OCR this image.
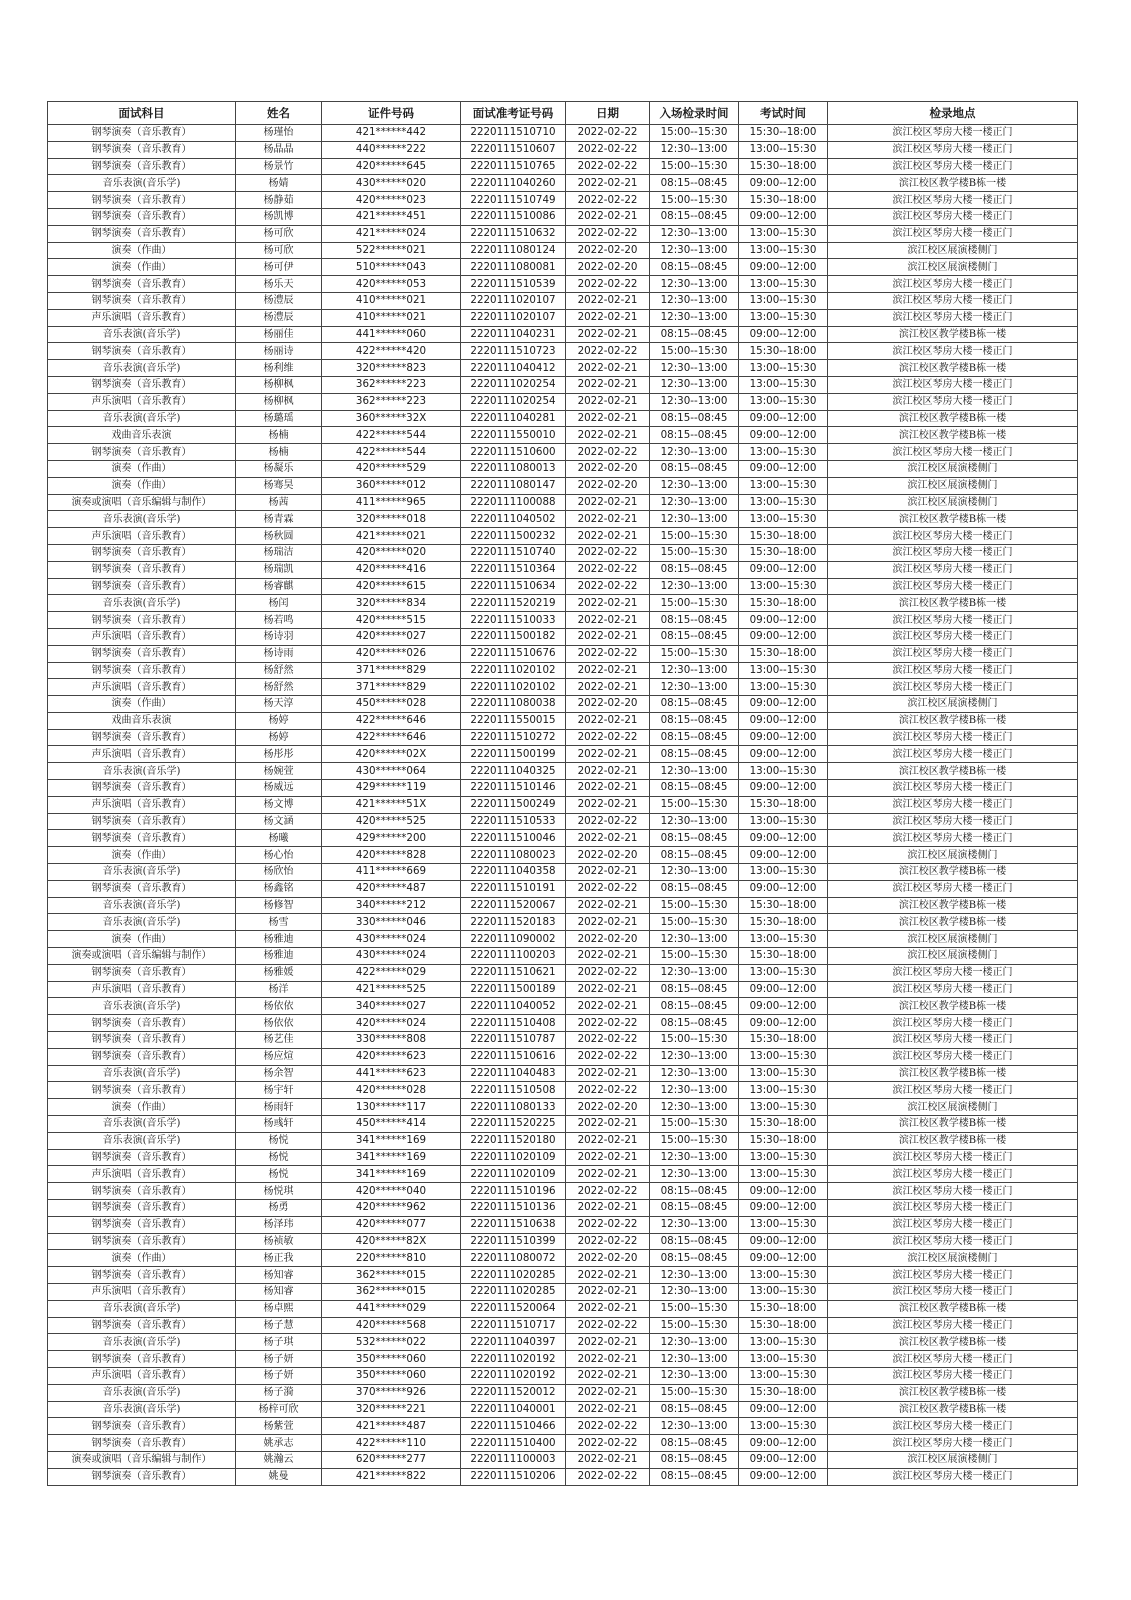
面试科目	姓名	证件号码	面试准考证号码	日期	入场检录时间	考试时间	检录地点
钢琴演奏（音乐教育）	杨瑾怡	421******442	2220111510710	2022-02-22	15:00--15:30	15:30--18:00	滨江校区琴房大楼一楼正门
钢琴演奏（音乐教育）	杨晶晶	440******222	2220111510607	2022-02-22	12:30--13:00	13:00--15:30	滨江校区琴房大楼一楼正门
钢琴演奏（音乐教育）	杨景竹	420******645	2220111510765	2022-02-22	15:00--15:30	15:30--18:00	滨江校区琴房大楼一楼正门
音乐表演(音乐学)	杨婧	430******020	2220111040260	2022-02-21	08:15--08:45	09:00--12:00	滨江校区教学楼B栋一楼
钢琴演奏（音乐教育）	杨静茹	420******023	2220111510749	2022-02-22	15:00--15:30	15:30--18:00	滨江校区琴房大楼一楼正门
钢琴演奏（音乐教育）	杨凯博	421******451	2220111510086	2022-02-21	08:15--08:45	09:00--12:00	滨江校区琴房大楼一楼正门
钢琴演奏（音乐教育）	杨可欣	421******024	2220111510632	2022-02-22	12:30--13:00	13:00--15:30	滨江校区琴房大楼一楼正门
演奏（作曲）	杨可欣	522******021	2220111080124	2022-02-20	12:30--13:00	13:00--15:30	滨江校区展演楼侧门
演奏（作曲）	杨可伊	510******043	2220111080081	2022-02-20	08:15--08:45	09:00--12:00	滨江校区展演楼侧门
钢琴演奏（音乐教育）	杨乐天	420******053	2220111510539	2022-02-22	12:30--13:00	13:00--15:30	滨江校区琴房大楼一楼正门
钢琴演奏（音乐教育）	杨澧辰	410******021	2220111020107	2022-02-21	12:30--13:00	13:00--15:30	滨江校区琴房大楼一楼正门
声乐演唱（音乐教育）	杨澧辰	410******021	2220111020107	2022-02-21	12:30--13:00	13:00--15:30	滨江校区琴房大楼一楼正门
音乐表演(音乐学)	杨丽佳	441******060	2220111040231	2022-02-21	08:15--08:45	09:00--12:00	滨江校区教学楼B栋一楼
钢琴演奏（音乐教育）	杨丽诗	422******420	2220111510723	2022-02-22	15:00--15:30	15:30--18:00	滨江校区琴房大楼一楼正门
音乐表演(音乐学)	杨利维	320******823	2220111040412	2022-02-21	12:30--13:00	13:00--15:30	滨江校区教学楼B栋一楼
钢琴演奏（音乐教育）	杨柳枫	362******223	2220111020254	2022-02-21	12:30--13:00	13:00--15:30	滨江校区琴房大楼一楼正门
声乐演唱（音乐教育）	杨柳枫	362******223	2220111020254	2022-02-21	12:30--13:00	13:00--15:30	滨江校区琴房大楼一楼正门
音乐表演(音乐学)	杨璐瑶	360******32X	2220111040281	2022-02-21	08:15--08:45	09:00--12:00	滨江校区教学楼B栋一楼
戏曲音乐表演	杨楠	422******544	2220111550010	2022-02-21	08:15--08:45	09:00--12:00	滨江校区教学楼B栋一楼
钢琴演奏（音乐教育）	杨楠	422******544	2220111510600	2022-02-22	12:30--13:00	13:00--15:30	滨江校区琴房大楼一楼正门
演奏（作曲）	杨凝乐	420******529	2220111080013	2022-02-20	08:15--08:45	09:00--12:00	滨江校区展演楼侧门
演奏（作曲）	杨骞昊	360******012	2220111080147	2022-02-20	12:30--13:00	13:00--15:30	滨江校区展演楼侧门
演奏或演唱（音乐编辑与制作）	杨茜	411******965	2220111100088	2022-02-21	12:30--13:00	13:00--15:30	滨江校区展演楼侧门
音乐表演(音乐学)	杨青霖	320******018	2220111040502	2022-02-21	12:30--13:00	13:00--15:30	滨江校区教学楼B栋一楼
声乐演唱（音乐教育）	杨秋圆	421******021	2220111500232	2022-02-21	15:00--15:30	15:30--18:00	滨江校区琴房大楼一楼正门
钢琴演奏（音乐教育）	杨瑞洁	420******020	2220111510740	2022-02-22	15:00--15:30	15:30--18:00	滨江校区琴房大楼一楼正门
钢琴演奏（音乐教育）	杨瑞凯	420******416	2220111510364	2022-02-22	08:15--08:45	09:00--12:00	滨江校区琴房大楼一楼正门
钢琴演奏（音乐教育）	杨睿麒	420******615	2220111510634	2022-02-22	12:30--13:00	13:00--15:30	滨江校区琴房大楼一楼正门
音乐表演(音乐学)	杨闰	320******834	2220111520219	2022-02-21	15:00--15:30	15:30--18:00	滨江校区教学楼B栋一楼
钢琴演奏（音乐教育）	杨若鸣	420******515	2220111510033	2022-02-21	08:15--08:45	09:00--12:00	滨江校区琴房大楼一楼正门
声乐演唱（音乐教育）	杨诗羽	420******027	2220111500182	2022-02-21	08:15--08:45	09:00--12:00	滨江校区琴房大楼一楼正门
钢琴演奏（音乐教育）	杨诗雨	420******026	2220111510676	2022-02-22	15:00--15:30	15:30--18:00	滨江校区琴房大楼一楼正门
钢琴演奏（音乐教育）	杨舒然	371******829	2220111020102	2022-02-21	12:30--13:00	13:00--15:30	滨江校区琴房大楼一楼正门
声乐演唱（音乐教育）	杨舒然	371******829	2220111020102	2022-02-21	12:30--13:00	13:00--15:30	滨江校区琴房大楼一楼正门
演奏（作曲）	杨天淳	450******028	2220111080038	2022-02-20	08:15--08:45	09:00--12:00	滨江校区展演楼侧门
戏曲音乐表演	杨婷	422******646	2220111550015	2022-02-21	08:15--08:45	09:00--12:00	滨江校区教学楼B栋一楼
钢琴演奏（音乐教育）	杨婷	422******646	2220111510272	2022-02-22	08:15--08:45	09:00--12:00	滨江校区琴房大楼一楼正门
声乐演唱（音乐教育）	杨彤彤	420******02X	2220111500199	2022-02-21	08:15--08:45	09:00--12:00	滨江校区琴房大楼一楼正门
音乐表演(音乐学)	杨婉萱	430******064	2220111040325	2022-02-21	12:30--13:00	13:00--15:30	滨江校区教学楼B栋一楼
钢琴演奏（音乐教育）	杨威远	429******119	2220111510146	2022-02-21	08:15--08:45	09:00--12:00	滨江校区琴房大楼一楼正门
声乐演唱（音乐教育）	杨文博	421******51X	2220111500249	2022-02-21	15:00--15:30	15:30--18:00	滨江校区琴房大楼一楼正门
钢琴演奏（音乐教育）	杨文涵	420******525	2220111510533	2022-02-22	12:30--13:00	13:00--15:30	滨江校区琴房大楼一楼正门
钢琴演奏（音乐教育）	杨曦	429******200	2220111510046	2022-02-21	08:15--08:45	09:00--12:00	滨江校区琴房大楼一楼正门
演奏（作曲）	杨心怡	420******828	2220111080023	2022-02-20	08:15--08:45	09:00--12:00	滨江校区展演楼侧门
音乐表演(音乐学)	杨欣怡	411******669	2220111040358	2022-02-21	12:30--13:00	13:00--15:30	滨江校区教学楼B栋一楼
钢琴演奏（音乐教育）	杨鑫铭	420******487	2220111510191	2022-02-22	08:15--08:45	09:00--12:00	滨江校区琴房大楼一楼正门
音乐表演(音乐学)	杨修智	340******212	2220111520067	2022-02-21	15:00--15:30	15:30--18:00	滨江校区教学楼B栋一楼
音乐表演(音乐学)	杨雪	330******046	2220111520183	2022-02-21	15:00--15:30	15:30--18:00	滨江校区教学楼B栋一楼
演奏（作曲）	杨雅迪	430******024	2220111090002	2022-02-20	12:30--13:00	13:00--15:30	滨江校区展演楼侧门
演奏或演唱（音乐编辑与制作）	杨雅迪	430******024	2220111100203	2022-02-21	15:00--15:30	15:30--18:00	滨江校区展演楼侧门
钢琴演奏（音乐教育）	杨雅媛	422******029	2220111510621	2022-02-22	12:30--13:00	13:00--15:30	滨江校区琴房大楼一楼正门
声乐演唱（音乐教育）	杨洋	421******525	2220111500189	2022-02-21	08:15--08:45	09:00--12:00	滨江校区琴房大楼一楼正门
音乐表演(音乐学)	杨依依	340******027	2220111040052	2022-02-21	08:15--08:45	09:00--12:00	滨江校区教学楼B栋一楼
钢琴演奏（音乐教育）	杨依依	420******024	2220111510408	2022-02-22	08:15--08:45	09:00--12:00	滨江校区琴房大楼一楼正门
钢琴演奏（音乐教育）	杨艺佳	330******808	2220111510787	2022-02-22	15:00--15:30	15:30--18:00	滨江校区琴房大楼一楼正门
钢琴演奏（音乐教育）	杨应煊	420******623	2220111510616	2022-02-22	12:30--13:00	13:00--15:30	滨江校区琴房大楼一楼正门
音乐表演(音乐学)	杨余智	441******623	2220111040483	2022-02-21	12:30--13:00	13:00--15:30	滨江校区教学楼B栋一楼
钢琴演奏（音乐教育）	杨宇轩	420******028	2220111510508	2022-02-22	12:30--13:00	13:00--15:30	滨江校区琴房大楼一楼正门
演奏（作曲）	杨雨轩	130******117	2220111080133	2022-02-20	12:30--13:00	13:00--15:30	滨江校区展演楼侧门
音乐表演(音乐学)	杨彧轩	450******414	2220111520225	2022-02-21	15:00--15:30	15:30--18:00	滨江校区教学楼B栋一楼
音乐表演(音乐学)	杨悦	341******169	2220111520180	2022-02-21	15:00--15:30	15:30--18:00	滨江校区教学楼B栋一楼
钢琴演奏（音乐教育）	杨悦	341******169	2220111020109	2022-02-21	12:30--13:00	13:00--15:30	滨江校区琴房大楼一楼正门
声乐演唱（音乐教育）	杨悦	341******169	2220111020109	2022-02-21	12:30--13:00	13:00--15:30	滨江校区琴房大楼一楼正门
钢琴演奏（音乐教育）	杨悦琪	420******040	2220111510196	2022-02-22	08:15--08:45	09:00--12:00	滨江校区琴房大楼一楼正门
钢琴演奏（音乐教育）	杨勇	420******962	2220111510136	2022-02-21	08:15--08:45	09:00--12:00	滨江校区琴房大楼一楼正门
钢琴演奏（音乐教育）	杨泽玮	420******077	2220111510638	2022-02-22	12:30--13:00	13:00--15:30	滨江校区琴房大楼一楼正门
钢琴演奏（音乐教育）	杨祯敏	420******82X	2220111510399	2022-02-22	08:15--08:45	09:00--12:00	滨江校区琴房大楼一楼正门
演奏（作曲）	杨正我	220******810	2220111080072	2022-02-20	08:15--08:45	09:00--12:00	滨江校区展演楼侧门
钢琴演奏（音乐教育）	杨知睿	362******015	2220111020285	2022-02-21	12:30--13:00	13:00--15:30	滨江校区琴房大楼一楼正门
声乐演唱（音乐教育）	杨知睿	362******015	2220111020285	2022-02-21	12:30--13:00	13:00--15:30	滨江校区琴房大楼一楼正门
音乐表演(音乐学)	杨卓熙	441******029	2220111520064	2022-02-21	15:00--15:30	15:30--18:00	滨江校区教学楼B栋一楼
钢琴演奏（音乐教育）	杨子慧	420******568	2220111510717	2022-02-22	15:00--15:30	15:30--18:00	滨江校区琴房大楼一楼正门
音乐表演(音乐学)	杨子琪	532******022	2220111040397	2022-02-21	12:30--13:00	13:00--15:30	滨江校区教学楼B栋一楼
钢琴演奏（音乐教育）	杨子妍	350******060	2220111020192	2022-02-21	12:30--13:00	13:00--15:30	滨江校区琴房大楼一楼正门
声乐演唱（音乐教育）	杨子妍	350******060	2220111020192	2022-02-21	12:30--13:00	13:00--15:30	滨江校区琴房大楼一楼正门
音乐表演(音乐学)	杨子漪	370******926	2220111520012	2022-02-21	15:00--15:30	15:30--18:00	滨江校区教学楼B栋一楼
音乐表演(音乐学)	杨梓可欣	320******221	2220111040001	2022-02-21	08:15--08:45	09:00--12:00	滨江校区教学楼B栋一楼
钢琴演奏（音乐教育）	杨紫萱	421******487	2220111510466	2022-02-22	12:30--13:00	13:00--15:30	滨江校区琴房大楼一楼正门
钢琴演奏（音乐教育）	姚承志	422******110	2220111510400	2022-02-22	08:15--08:45	09:00--12:00	滨江校区琴房大楼一楼正门
演奏或演唱（音乐编辑与制作）	姚瀚云	620******277	2220111100003	2022-02-21	08:15--08:45	09:00--12:00	滨江校区展演楼侧门
钢琴演奏（音乐教育）	姚曼	421******822	2220111510206	2022-02-22	08:15--08:45	09:00--12:00	滨江校区琴房大楼一楼正门
